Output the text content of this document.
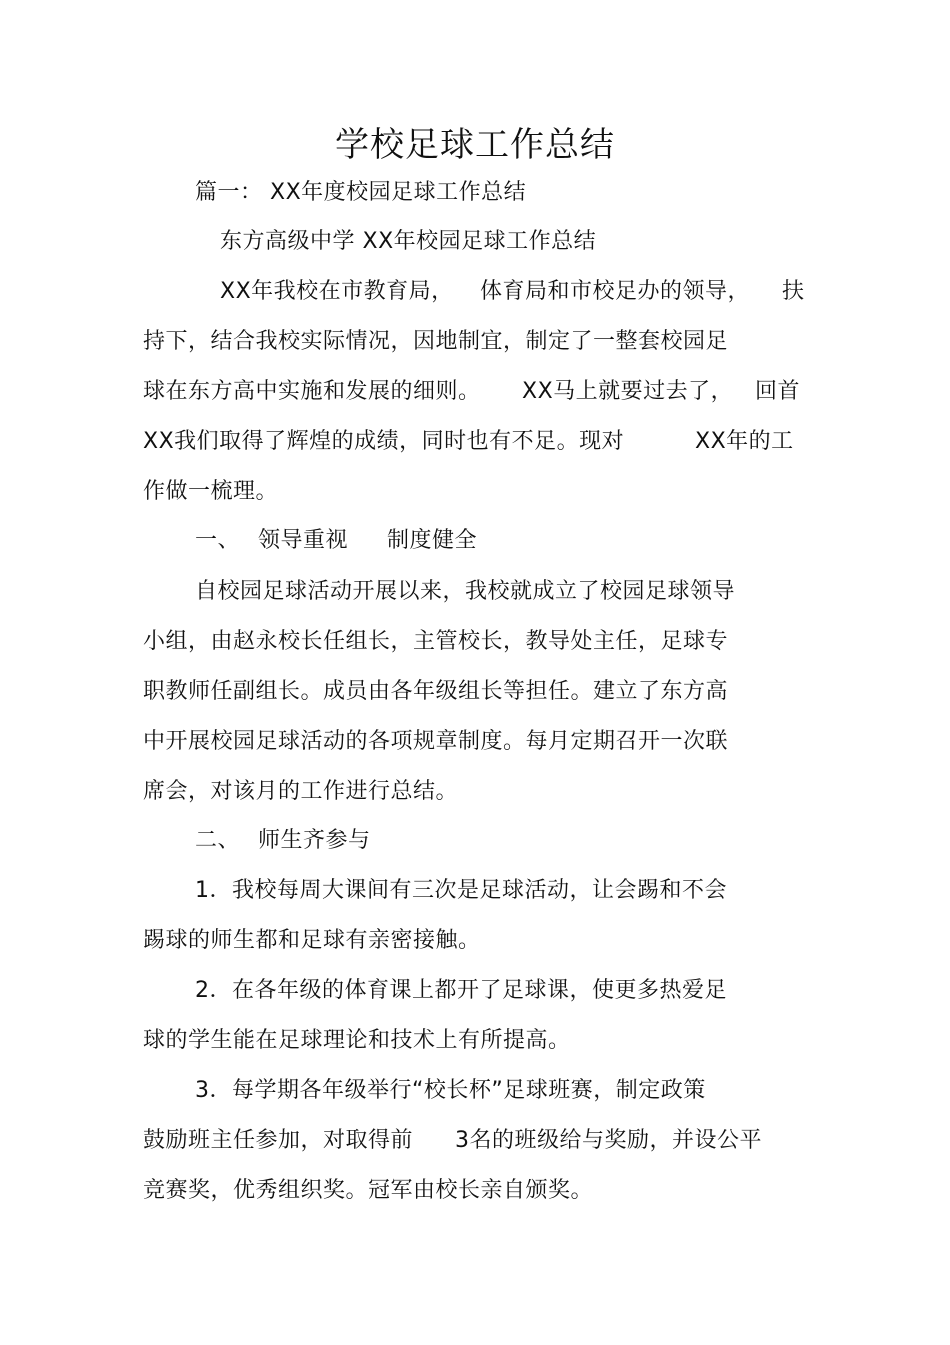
学校足球工作总结
篇一： XX年度校园足球工作总结
东方高级中学 XX年校园足球工作总结
XX年我校在市教育局， 体育局和市校足办的领导， 扶
持下，结合我校实际情况，因地制宜，制定了一整套校园足
球在东方高中实施和发展的细则。 XX马上就要过去了， 回首
XX我们取得了辉煌的成绩，同时也有不足。现对	XX年的工
作做一梳理。
一、 领导重视 制度健全
自校园足球活动开展以来，我校就成立了校园足球领导
小组，由赵永校长任组长，主管校长，教导处主任，足球专
职教师任副组长。成员由各年级组长等担任。建立了东方高
中开展校园足球活动的各项规章制度。每月定期召开一次联
席会，对该月的工作进行总结。
二、 师生齐参与
1．我校每周大课间有三次是足球活动，让会踢和不会
踢球的师生都和足球有亲密接触。
2．在各年级的体育课上都开了足球课，使更多热爱足
球的学生能在足球理论和技术上有所提高。
3．每学期各年级举行“校长杯”足球班赛，制定政策
鼓励班主任参加，对取得前 3名的班级给与奖励，并设公平
竞赛奖，优秀组织奖。冠军由校长亲自颁奖。
